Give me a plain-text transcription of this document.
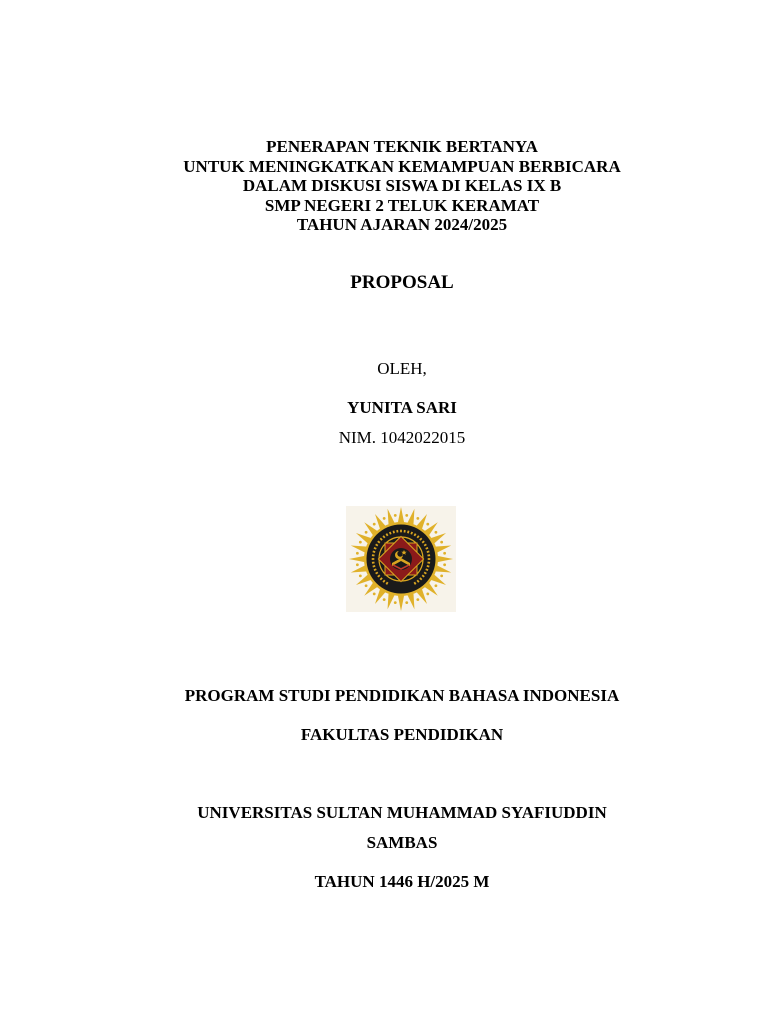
PENERAPAN TEKNIK BERTANYA
UNTUK MENINGKATKAN KEMAMPUAN BERBICARA
DALAM DISKUSI SISWA DI KELAS IX B
SMP NEGERI 2 TELUK KERAMAT
TAHUN AJARAN 2024/2025
PROPOSAL
OLEH,
YUNITA SARI
NIM. 1042022015
PROGRAM STUDI PENDIDIKAN BAHASA INDONESIA
FAKULTAS PENDIDIKAN
UNIVERSITAS SULTAN MUHAMMAD SYAFIUDDIN
SAMBAS
TAHUN 1446 H/2025 M
